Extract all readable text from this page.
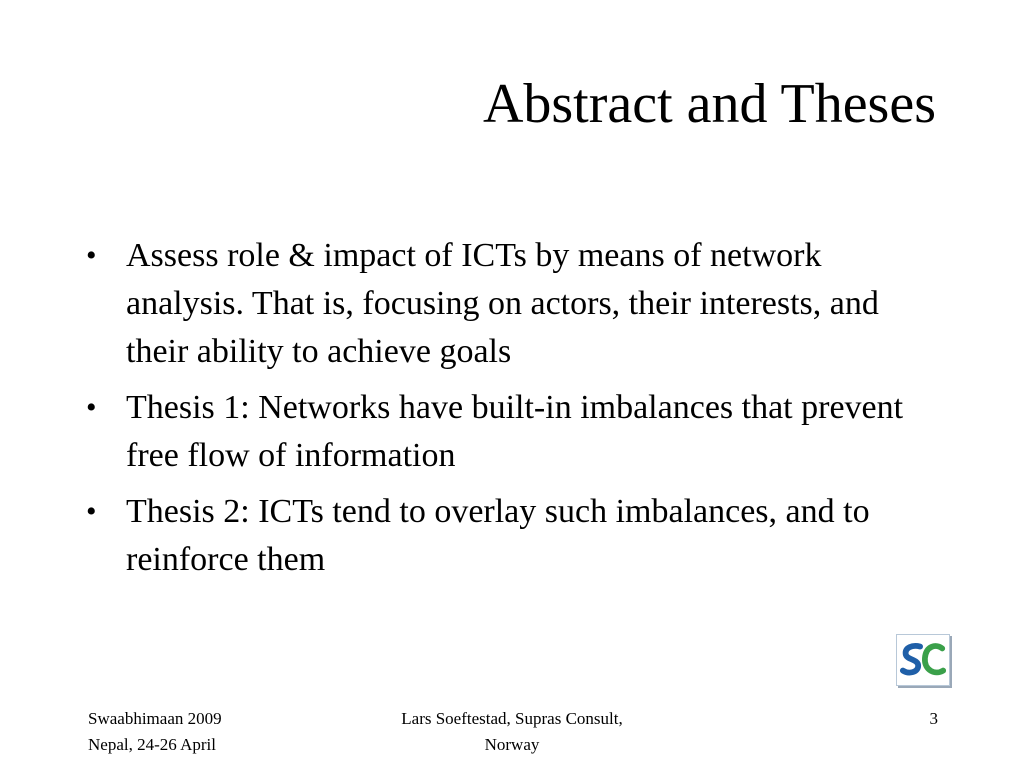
Abstract and Theses
• Assess role & impact of ICTs by means of network analysis. That is, focusing on actors, their interests, and their ability to achieve goals
• Thesis 1: Networks have built-in imbalances that prevent free flow of information
• Thesis 2: ICTs tend to overlay such imbalances, and to reinforce them
Swaabhimaan 2009
Nepal, 24-26 April
Lars Soeftestad, Supras Consult,
Norway
3
